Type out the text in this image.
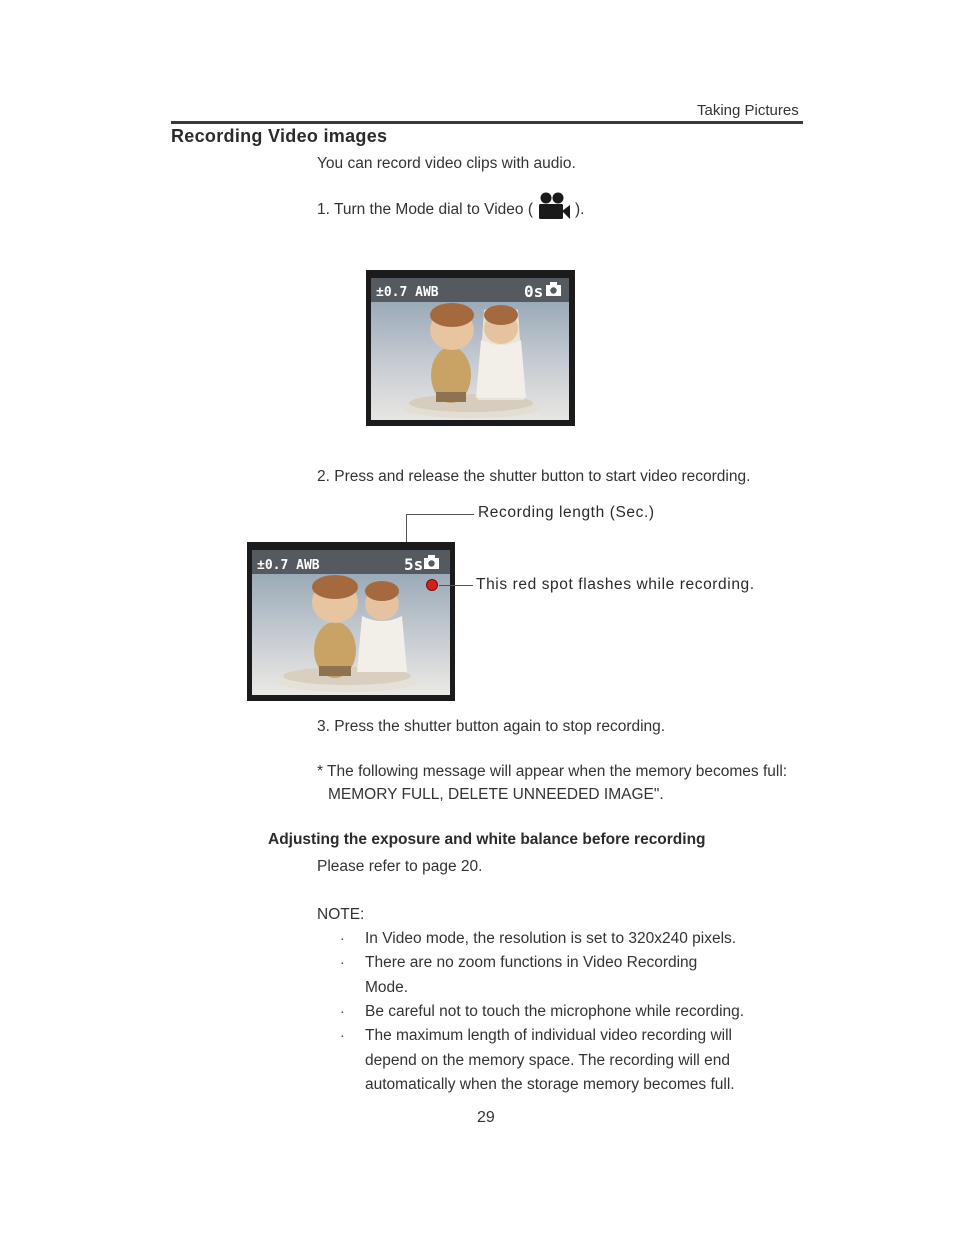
Taking Pictures
Recording Video images
You can record video clips with audio.
1. Turn the Mode dial to Video (	).
±0.7 AWB	0s
2. Press and release the shutter button to start video recording.
Recording length (Sec.)
±0.7 AWB	5s
This red spot flashes while recording.
3. Press the shutter button again to stop recording.
* The following message will appear when the memory becomes full:
MEMORY FULL, DELETE UNNEEDED IMAGE".
Adjusting the exposure and white balance before recording
Please refer to page 20.
NOTE:
· In Video mode, the resolution is set to 320x240 pixels.
· There are no zoom functions in Video Recording
Mode.
· Be careful not to touch the microphone while recording.
· The maximum length of individual video recording will
depend on the memory space. The recording will end
automatically when the storage memory becomes full.
29
